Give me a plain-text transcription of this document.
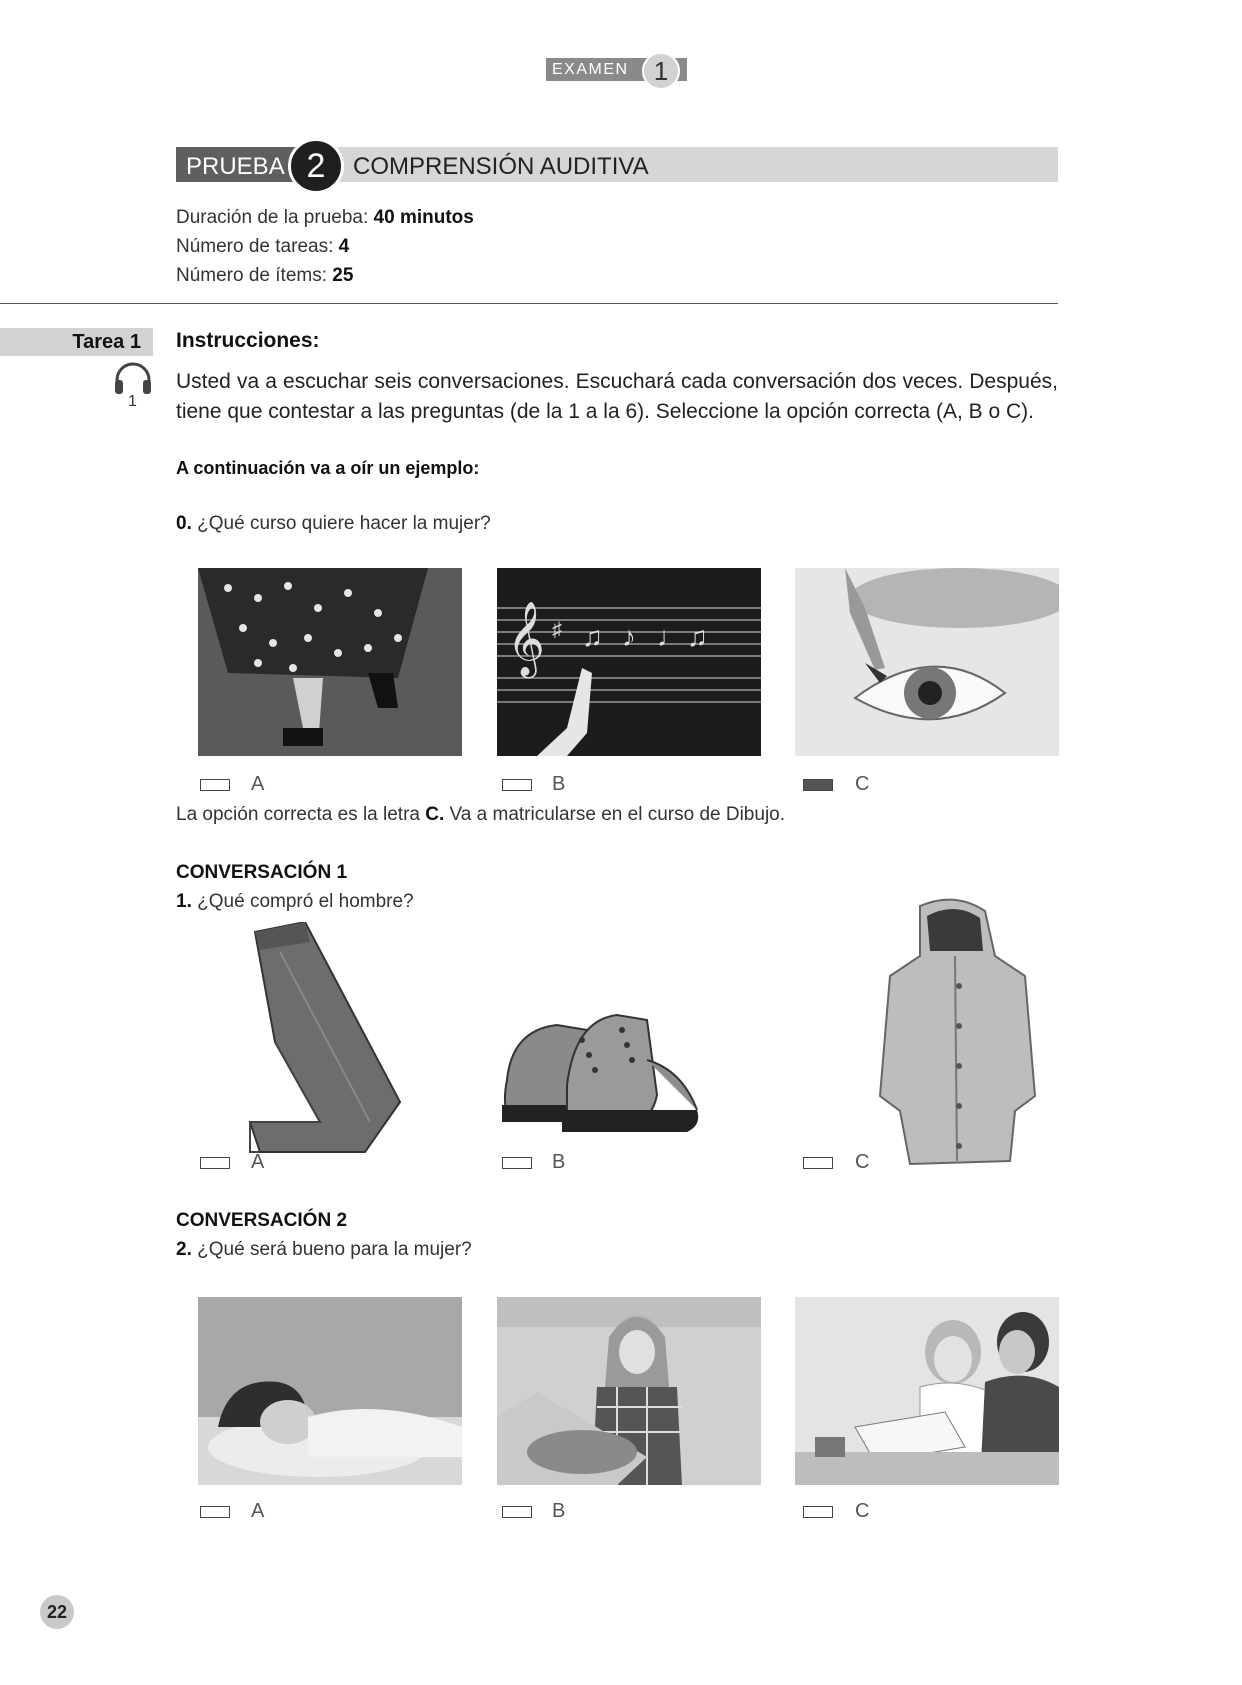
EXAMEN 1
PRUEBA 2	COMPRENSIÓN AUDITIVA
Duración de la prueba: 40 minutos
Número de tareas: 4
Número de ítems: 25
Tarea 1
1
Instrucciones:
Usted va a escuchar seis conversaciones. Escuchará cada conversación dos veces. Después, tiene que contestar a las preguntas (de la 1 a la 6). Seleccione la opción correcta (A, B o C).
A continuación va a oír un ejemplo:
0. ¿Qué curso quiere hacer la mujer?
𝄞 ♯ ♫ ♪ ♩ ♫
A	B	C
La opción correcta es la letra C. Va a matricularse en el curso de Dibujo.
CONVERSACIÓN 1
1. ¿Qué compró el hombre?
A	B	C
CONVERSACIÓN 2
2. ¿Qué será bueno para la mujer?
A	B	C
22
